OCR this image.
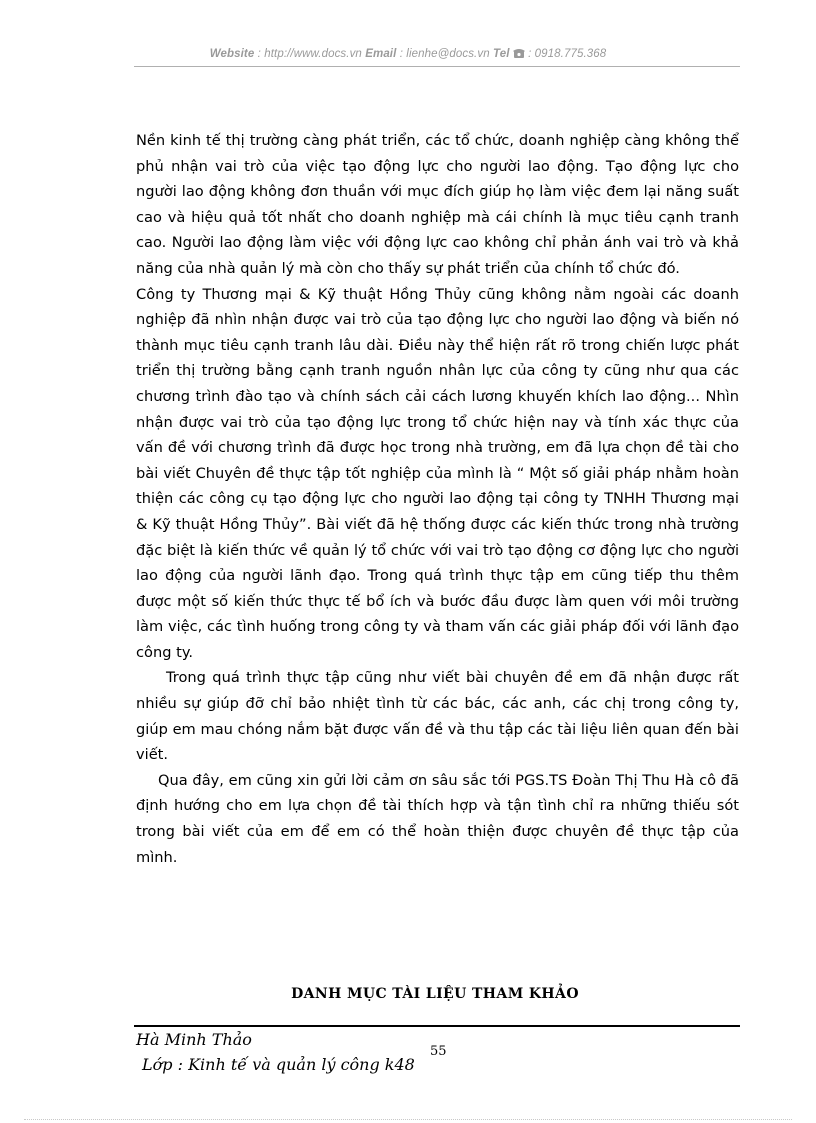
Website : http://www.docs.vn Email : lienhe@docs.vn Tel  : 0918.775.368

Nền kinh tế thị trường càng phát triển, các tổ chức, doanh nghiệp càng không thể phủ nhận vai trò của việc tạo động lực cho người lao động. Tạo động lực cho người lao động không đơn thuần với mục đích giúp họ làm việc đem lại năng suất cao và hiệu quả tốt nhất cho doanh nghiệp mà cái chính là mục tiêu cạnh tranh cao. Người lao động làm việc với động lực cao không chỉ phản ánh vai trò và khả năng của nhà quản lý mà còn cho thấy sự phát triển của chính tổ chức đó.

Công ty Thương mại & Kỹ thuật Hồng Thủy cũng không nằm ngoài các doanh nghiệp đã nhìn nhận được vai trò của tạo động lực cho người lao động và biến nó thành mục tiêu cạnh tranh lâu dài. Điều này thể hiện rất rõ trong chiến lược phát triển thị trường bằng cạnh tranh nguồn nhân lực của công ty cũng như qua các chương trình đào tạo và chính sách cải cách lương khuyến khích lao động... Nhìn nhận được vai trò của tạo động lực trong tổ chức hiện nay và tính xác thực của vấn đề với chương trình đã được học trong nhà trường, em đã lựa chọn đề tài cho bài viết Chuyên đề thực tập tốt nghiệp của mình là “ Một số giải pháp nhằm hoàn thiện các công cụ tạo động lực cho người lao động tại công ty TNHH Thương mại & Kỹ thuật Hồng Thủy”. Bài viết đã hệ thống được các kiến thức trong nhà trường đặc biệt là kiến thức về quản lý tổ chức với vai trò tạo động cơ động lực cho người lao động của người lãnh đạo. Trong quá trình thực tập em cũng tiếp thu thêm được một số kiến thức thực tế bổ ích và bước đầu được làm quen với môi trường làm việc, các tình huống trong công ty và tham vấn các giải pháp đối với lãnh đạo công ty.

Trong quá trình thực tập cũng như viết bài chuyên đề em đã nhận được rất nhiều sự giúp đỡ chỉ bảo nhiệt tình từ các bác, các anh, các chị trong công ty, giúp em mau chóng nắm bặt được vấn đề và thu tập các tài liệu liên quan đến bài viết.

Qua đây, em cũng xin gửi lời cảm ơn sâu sắc tới PGS.TS Đoàn Thị Thu Hà cô đã định hướng cho em lựa chọn đề tài thích hợp và tận tình chỉ ra những thiếu sót trong bài viết của em để em có thể hoàn thiện được chuyên đề thực tập của mình.

DANH MỤC TÀI LIỆU THAM KHẢO
Hà Minh Thảo
55
Lớp : Kinh tế và quản lý công k48
